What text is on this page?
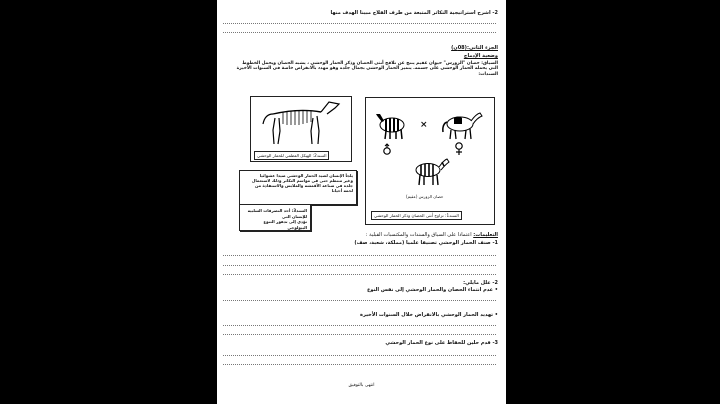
2- اشرح استراتيجية التكاثر المتبعة من طرف الفلاح مبينا الهدف منها
الجزء الثاني:(08ن)
وضعية الإدماج
السياق: حصان "الزورس" حيوان عقيم ينتج عن تلاقح أنثى الحصان وذكر الحمار الوحشي ، يشبه الحصان ويحمل الخطوط
التي يحمله الحمار الوحشي على جسمه. يتميز الحمار الوحشي بجمال جلده وهو مهدد بالانقراض خاصة في السنوات الأخيرة
السندات:
×
حصان الزورس (عقيم)
السند1: تزاوج أنثى الحصان وذكر الحمار الوحشي
السند2: الهيكل العظمي للحمار الوحشي
يلجأ الإنسان لصيد الحمار الوحشي صيدا عشوائيا
وغير منتظم حتى في مواسم التكاثر وذلك لاستعمال
جلده في صناعة الأقمشة والملابس والاستفادة من
لحمه أحيانا
السند3: أحد التصرفات السلبية للإنسان التي
تؤدي إلى تدهور التنوع البيولوجي
التعليمات: اعتمادا على السياق والسندات والمكتسبات القبلية :
1- صنف الحمار الوحشي تصنيفا علميا (مملكة، شعبة، صف)
2- علل مايلي:
• عدم انتماء الحصان والحمار الوحشي إلى نفس النوع
• تهديد الحمار الوحشي بالانقراض خلال السنوات الأخيرة
3- قدم حلين للحفاظ على نوع الحمار الوحشي
انتهى بالتوفيق
